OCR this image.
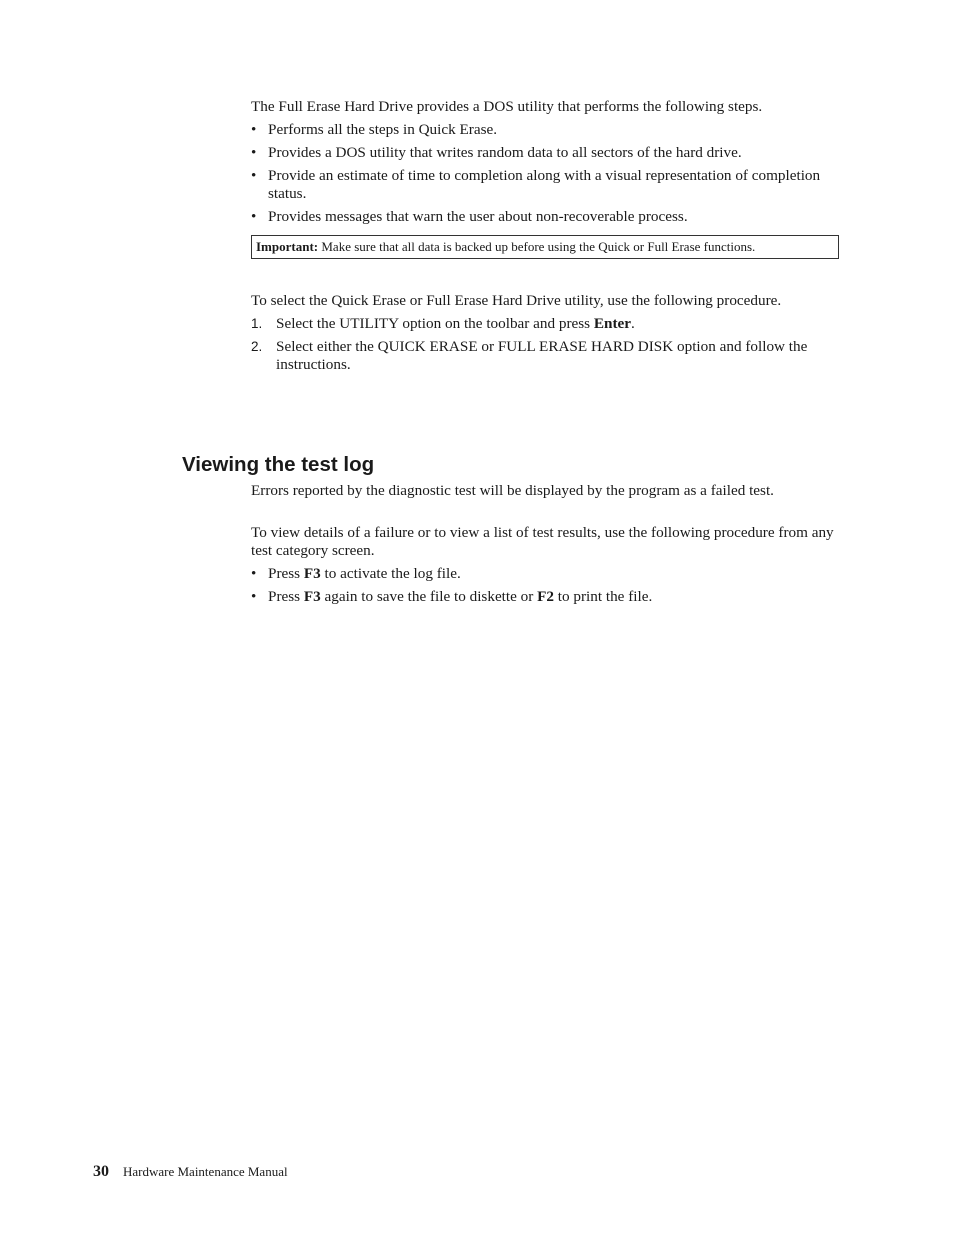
The Full Erase Hard Drive provides a DOS utility that performs the following steps.

• Performs all the steps in Quick Erase.
• Provides a DOS utility that writes random data to all sectors of the hard drive.
• Provide an estimate of time to completion along with a visual representation of completion status.
• Provides messages that warn the user about non-recoverable process.
Important: Make sure that all data is backed up before using the Quick or Full Erase functions.

To select the Quick Erase or Full Erase Hard Drive utility, use the following procedure.

1. Select the UTILITY option on the toolbar and press Enter.
2. Select either the QUICK ERASE or FULL ERASE HARD DISK option and follow the instructions.
Viewing the test log

Errors reported by the diagnostic test will be displayed by the program as a failed test.

To view details of a failure or to view a list of test results, use the following procedure from any test category screen.

• Press F3 to activate the log file.
• Press F3 again to save the file to diskette or F2 to print the file.
30 Hardware Maintenance Manual
